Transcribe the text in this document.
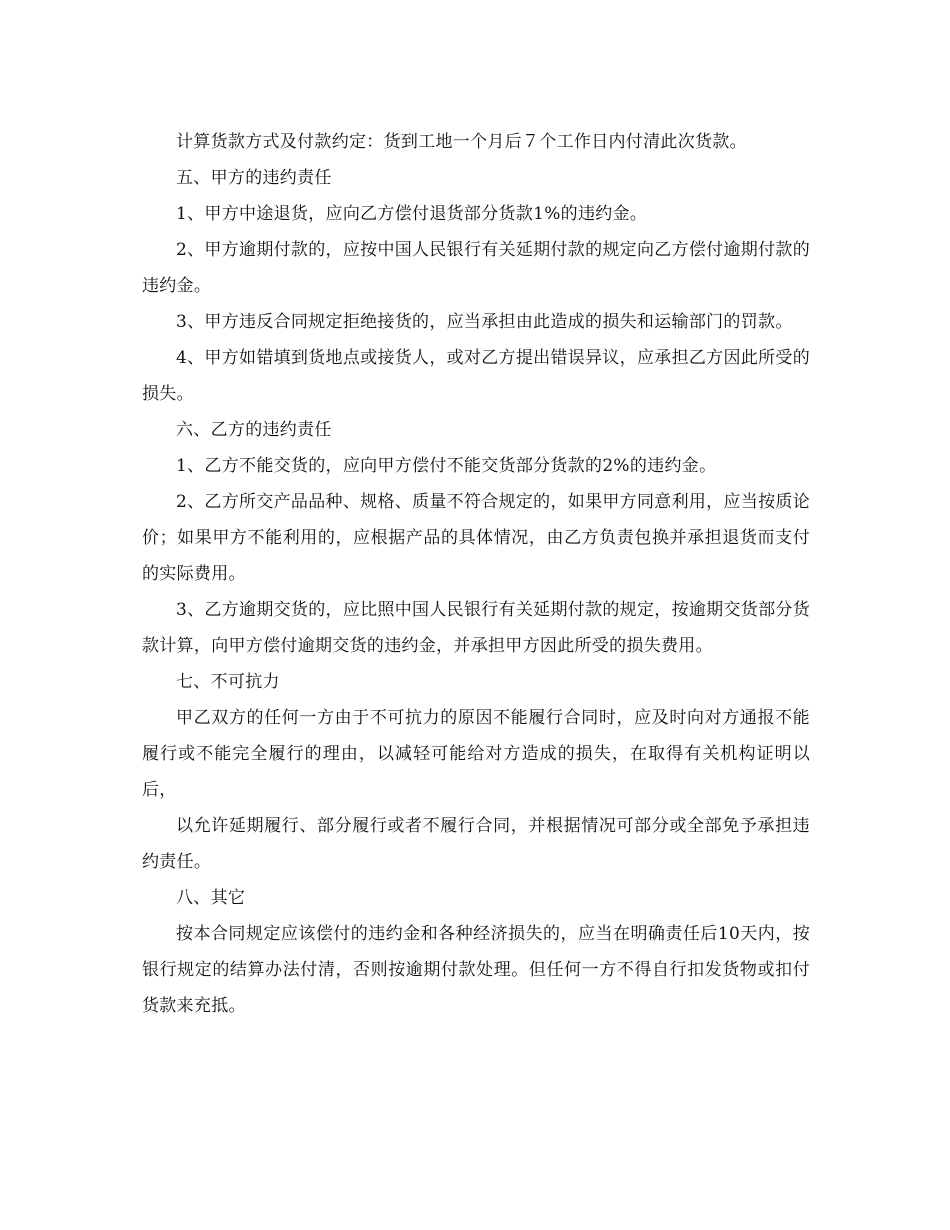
计算货款方式及付款约定：货到工地一个月后７个工作日内付清此次货款。

五、甲方的违约责任

1、甲方中途退货，应向乙方偿付退货部分货款1%的违约金。

2、甲方逾期付款的，应按中国人民银行有关延期付款的规定向乙方偿付逾期付款的违约金。

3、甲方违反合同规定拒绝接货的，应当承担由此造成的损失和运输部门的罚款。

4、甲方如错填到货地点或接货人，或对乙方提出错误异议，应承担乙方因此所受的损失。

六、乙方的违约责任

1、乙方不能交货的，应向甲方偿付不能交货部分货款的2%的违约金。

2、乙方所交产品品种、规格、质量不符合规定的，如果甲方同意利用，应当按质论价；如果甲方不能利用的，应根据产品的具体情况，由乙方负责包换并承担退货而支付的实际费用。

3、乙方逾期交货的，应比照中国人民银行有关延期付款的规定，按逾期交货部分货款计算，向甲方偿付逾期交货的违约金，并承担甲方因此所受的损失费用。

七、不可抗力

甲乙双方的任何一方由于不可抗力的原因不能履行合同时，应及时向对方通报不能履行或不能完全履行的理由，以减轻可能给对方造成的损失，在取得有关机构证明以后，

以允许延期履行、部分履行或者不履行合同，并根据情况可部分或全部免予承担违约责任。

八、其它

按本合同规定应该偿付的违约金和各种经济损失的，应当在明确责任后10天内，按银行规定的结算办法付清，否则按逾期付款处理。但任何一方不得自行扣发货物或扣付货款来充抵。
